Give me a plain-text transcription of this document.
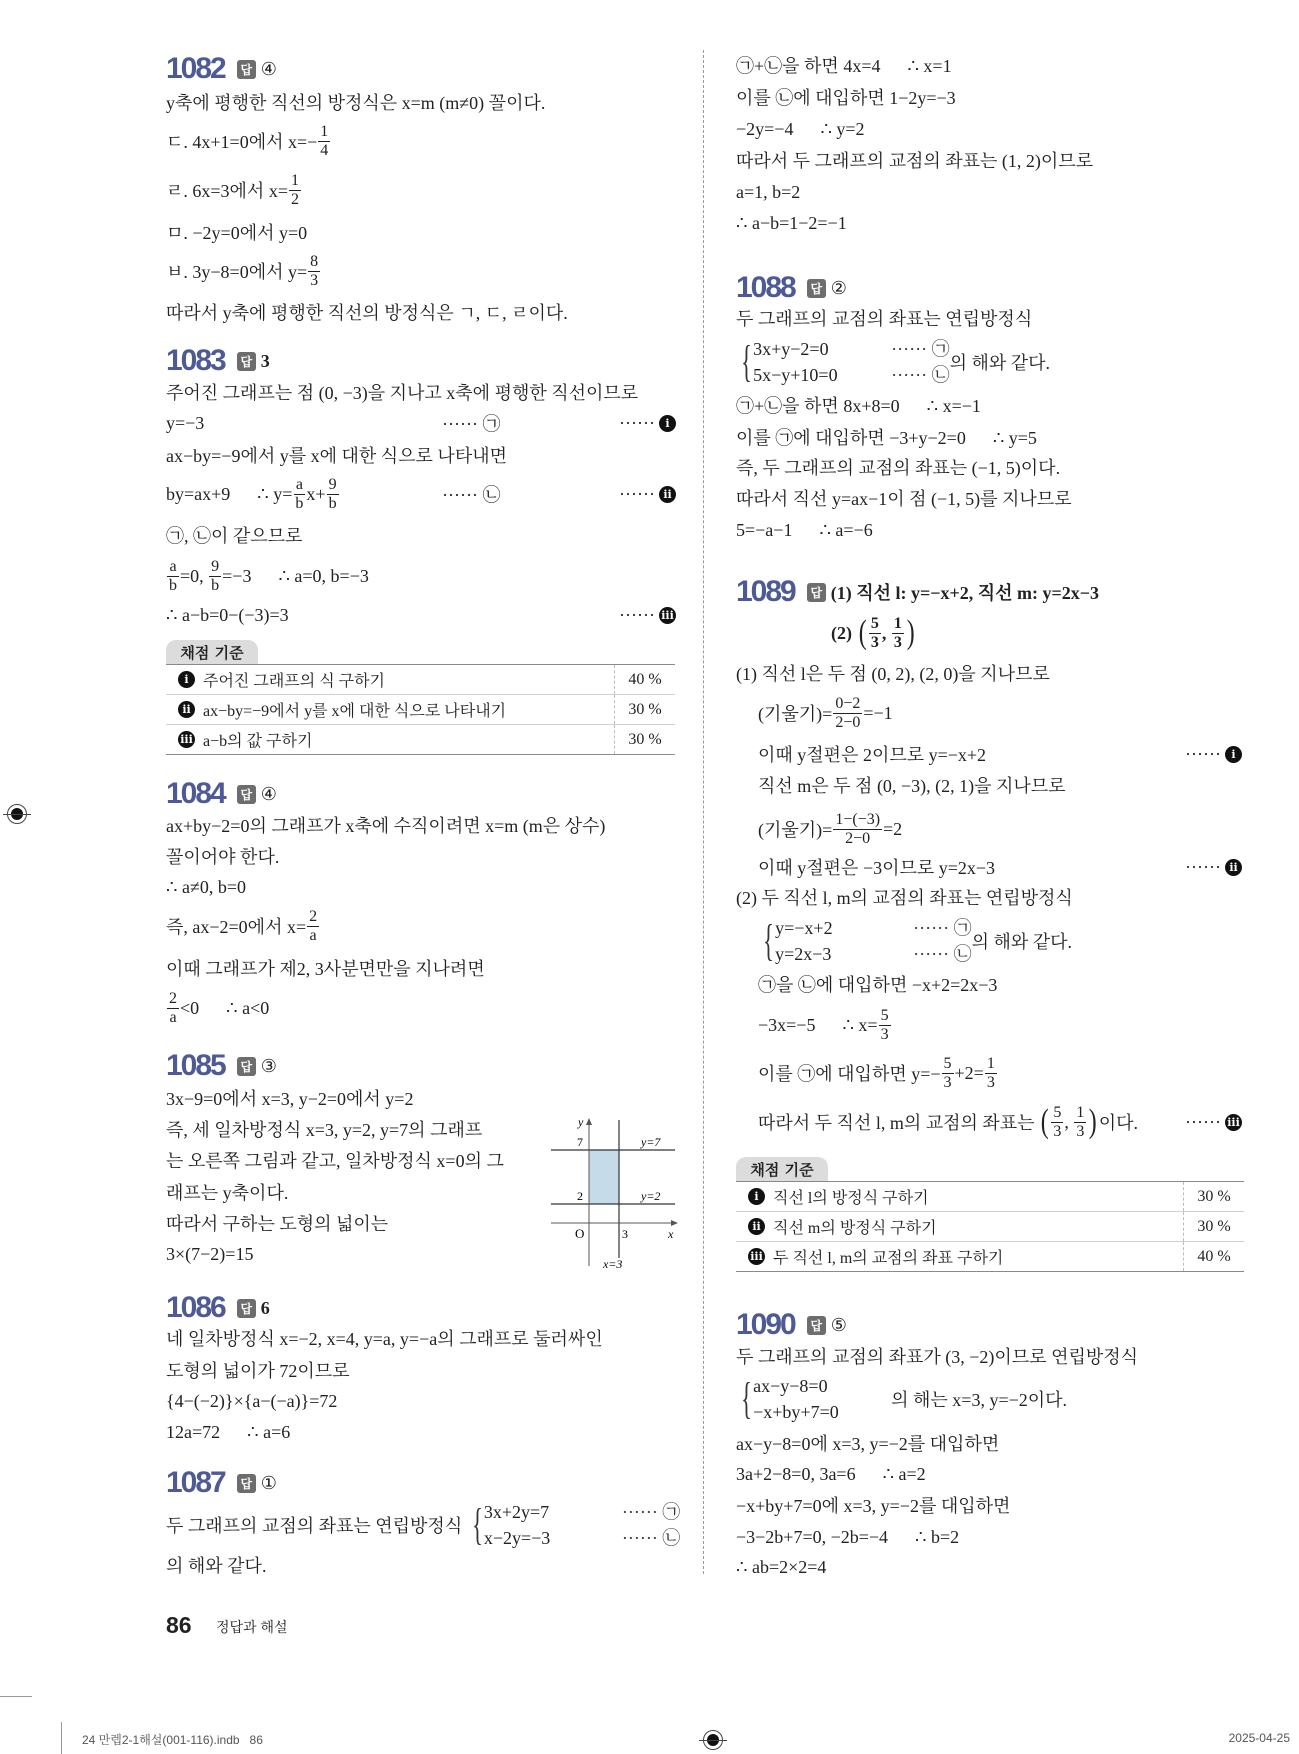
1082	답 ④
y축에 평행한 직선의 방정식은 x=m (m≠0) 꼴이다.
ㄷ. 4x+1=0에서 $x=- \frac{1}{4}$
ㄹ. 6x=3에서 $x= \frac{1}{2}$
ㅁ. −2y=0에서 y=0
ㅂ. 3y−8=0에서 $y= \frac{8}{3}$
따라서 y축에 평행한 직선의 방정식은 ㄱ, ㄷ, ㄹ이다.
1083	답 3
주어진 그래프는 점 (0, −3)을 지나고 x축에 평행한 직선이므로
y=−3	······ ㉠	······ i
ax−by=−9에서 y를 x에 대한 식으로 나타내면
by=ax+9      ∴ $y= \frac{a}{b} x+ \frac{9}{b}$	······ ㉡	······ ii
㉠, ㉡이 같으므로
$\frac{a}{b} =0$, $\frac{9}{b} =-3$      ∴ a=0, b=−3
∴ a−b=0−(−3)=3	······ iii
채점 기준
i 주어진 그래프의 식 구하기	40 %
ii ax−by=−9에서 y를 x에 대한 식으로 나타내기	30 %
iii a−b의 값 구하기	30 %
1084	답 ④
ax+by−2=0의 그래프가 x축에 수직이려면 x=m (m은 상수)
꼴이어야 한다.
∴ a≠0, b=0
즉, ax−2=0에서 $x= \frac{2}{a}$
이때 그래프가 제2, 3사분면만을 지나려면
$\frac{2}{a} <0$      ∴ a<0
1085	답 ③
3x−9=0에서 x=3, y−2=0에서 y=2
즉, 세 일차방정식 x=3, y=2, y=7의 그래프
는 오른쪽 그림과 같고, 일차방정식 x=0의 그
래프는 y축이다.
따라서 구하는 도형의 넓이는
3×(7−2)=15
1086	답 6
네 일차방정식 x=−2, x=4, y=a, y=−a의 그래프로 둘러싸인
도형의 넓이가 72이므로
{4−(−2)}×{a−(−a)}=72
12a=72      ∴ a=6
1087	답 ①
두 그래프의 교점의 좌표는 연립방정식 { 3x+2y=7	······ ㉠
x−2y=−3	······ ㉡
의 해와 같다.
㉠+㉡을 하면 4x=4      ∴ x=1
이를 ㉡에 대입하면 1−2y=−3
−2y=−4      ∴ y=2
따라서 두 그래프의 교점의 좌표는 (1, 2)이므로
a=1, b=2
∴ a−b=1−2=−1
1088	답 ②
두 그래프의 교점의 좌표는 연립방정식
{ 3x+y−2=0	······ ㉠
5x−y+10=0	······ ㉡
의 해와 같다.
㉠+㉡을 하면 8x+8=0      ∴ x=−1
이를 ㉠에 대입하면 −3+y−2=0      ∴ y=5
즉, 두 그래프의 교점의 좌표는 (−1, 5)이다.
따라서 직선 y=ax−1이 점 (−1, 5)를 지나므로
5=−a−1      ∴ a=−6
1089	답 (1) 직선 l: y=−x+2, 직선 m: y=2x−3
(2) ( $\frac{5}{3}$ , $\frac{1}{3}$ )
(1) 직선 l은 두 점 (0, 2), (2, 0)을 지나므로
(기울기)= $\frac{0-2}{2-0} =-1$
이때 y절편은 2이므로 y=−x+2	······ i
직선 m은 두 점 (0, −3), (2, 1)을 지나므로
(기울기)= $\frac{1-(-3)}{2-0} =2$
이때 y절편은 −3이므로 y=2x−3	······ ii
(2) 두 직선 l, m의 교점의 좌표는 연립방정식
{ y=−x+2	······ ㉠
y=2x−3	······ ㉡
의 해와 같다.
㉠을 ㉡에 대입하면 −x+2=2x−3
−3x=−5      ∴ $x= \frac{5}{3}$
이를 ㉠에 대입하면 $y=- \frac{5}{3} +2= \frac{1}{3}$
따라서 두 직선 l, m의 교점의 좌표는 ( $\frac{5}{3}$ , $\frac{1}{3}$ ) 이다.	······ iii
채점 기준
i 직선 l의 방정식 구하기	30 %
ii 직선 m의 방정식 구하기	30 %
iii 두 직선 l, m의 교점의 좌표 구하기	40 %
1090	답 ⑤
두 그래프의 교점의 좌표가 (3, −2)이므로 연립방정식
{ ax−y−8=0
−x+by+7=0
의 해는 x=3, y=−2이다.
ax−y−8=0에 x=3, y=−2를 대입하면
3a+2−8=0, 3a=6      ∴ a=2
−x+by+7=0에 x=3, y=−2를 대입하면
−3−2b+7=0, −2b=−4      ∴ b=2
∴ ab=2×2=4
y
x
O
7
2
3
y=7
y=2
x=3
86 정답과 해설
24 만렙2-1해설(001-116).indb   86	2025-04-25
